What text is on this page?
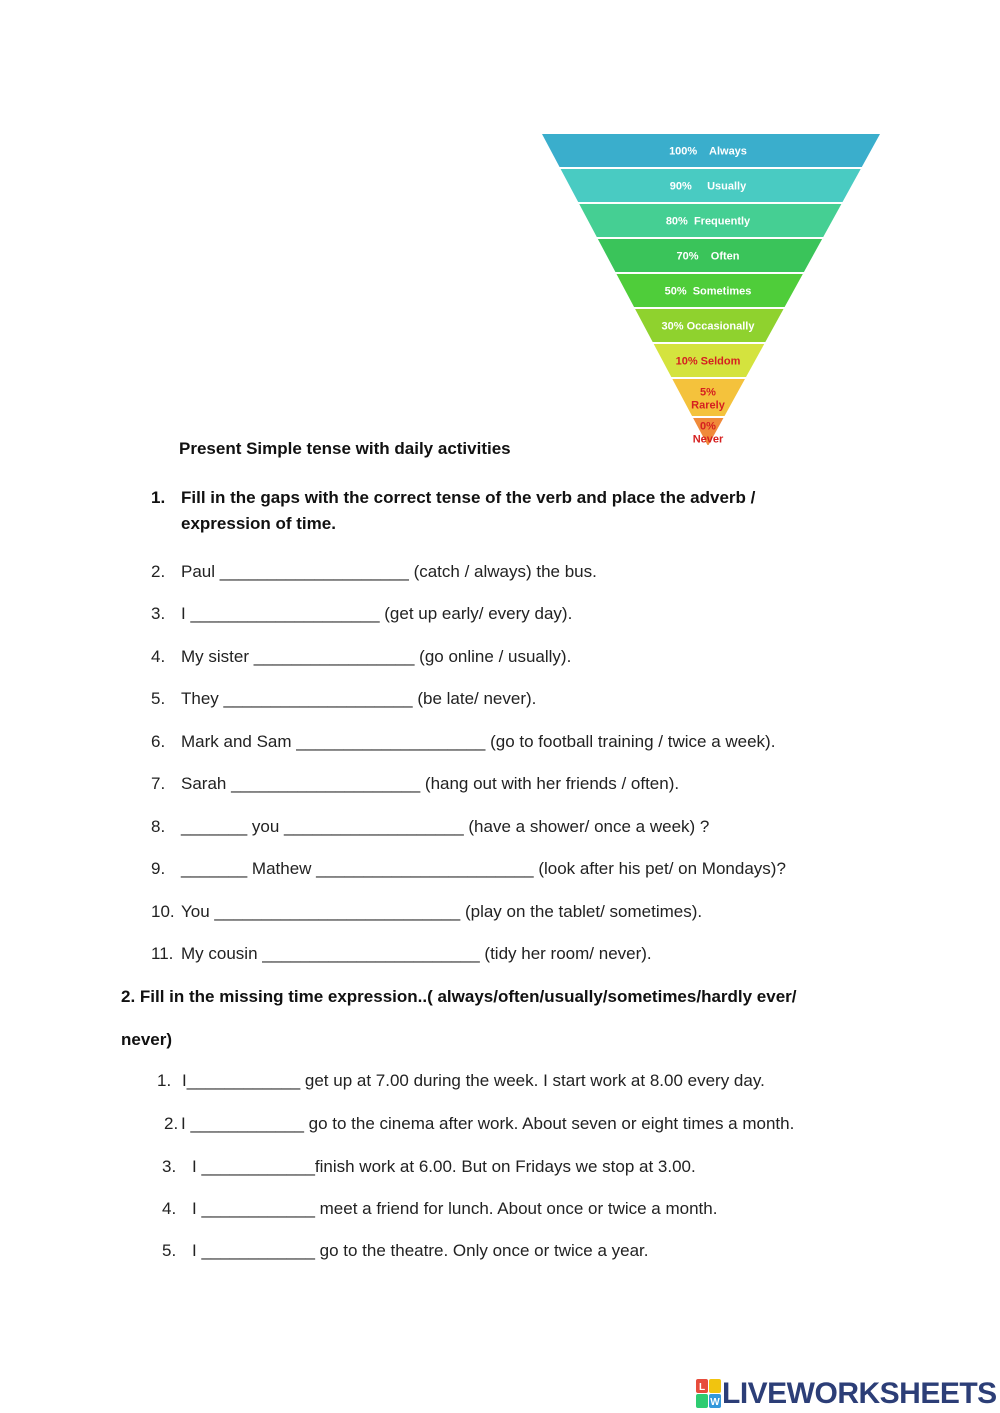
100%    Always
90%     Usually
80%  Frequently
70%    Often
50%  Sometimes
30% Occasionally
10% Seldom
5%
Rarely
0%
Never
Present Simple tense with daily activities
1. Fill in the gaps with the correct tense of the verb and place the adverb /
expression of time.
2. Paul ____________________ (catch / always) the bus.
3. I ____________________ (get up early/ every day).
4. My sister _________________ (go online / usually).
5. They ____________________ (be late/ never).
6. Mark and Sam ____________________ (go to football training / twice a week).
7. Sarah ____________________ (hang out with her friends / often).
8. _______ you ___________________ (have a shower/ once a week) ?
9. _______ Mathew _______________________ (look after his pet/ on Mondays)?
10. You __________________________ (play on the tablet/ sometimes).
11. My cousin _______________________ (tidy her room/ never).
2. Fill in the missing time expression..( always/often/usually/sometimes/hardly ever/
never)
1. I____________ get up at 7.00 during the week. I start work at 8.00 every day.
2. I ____________ go to the cinema after work. About seven or eight times a month.
3. I ____________finish work at 6.00. But on Fridays we stop at 3.00.
4. I ____________ meet a friend for lunch. About once or twice a month.
5. I ____________ go to the theatre. Only once or twice a year.
L
W LIVEWORKSHEETS
